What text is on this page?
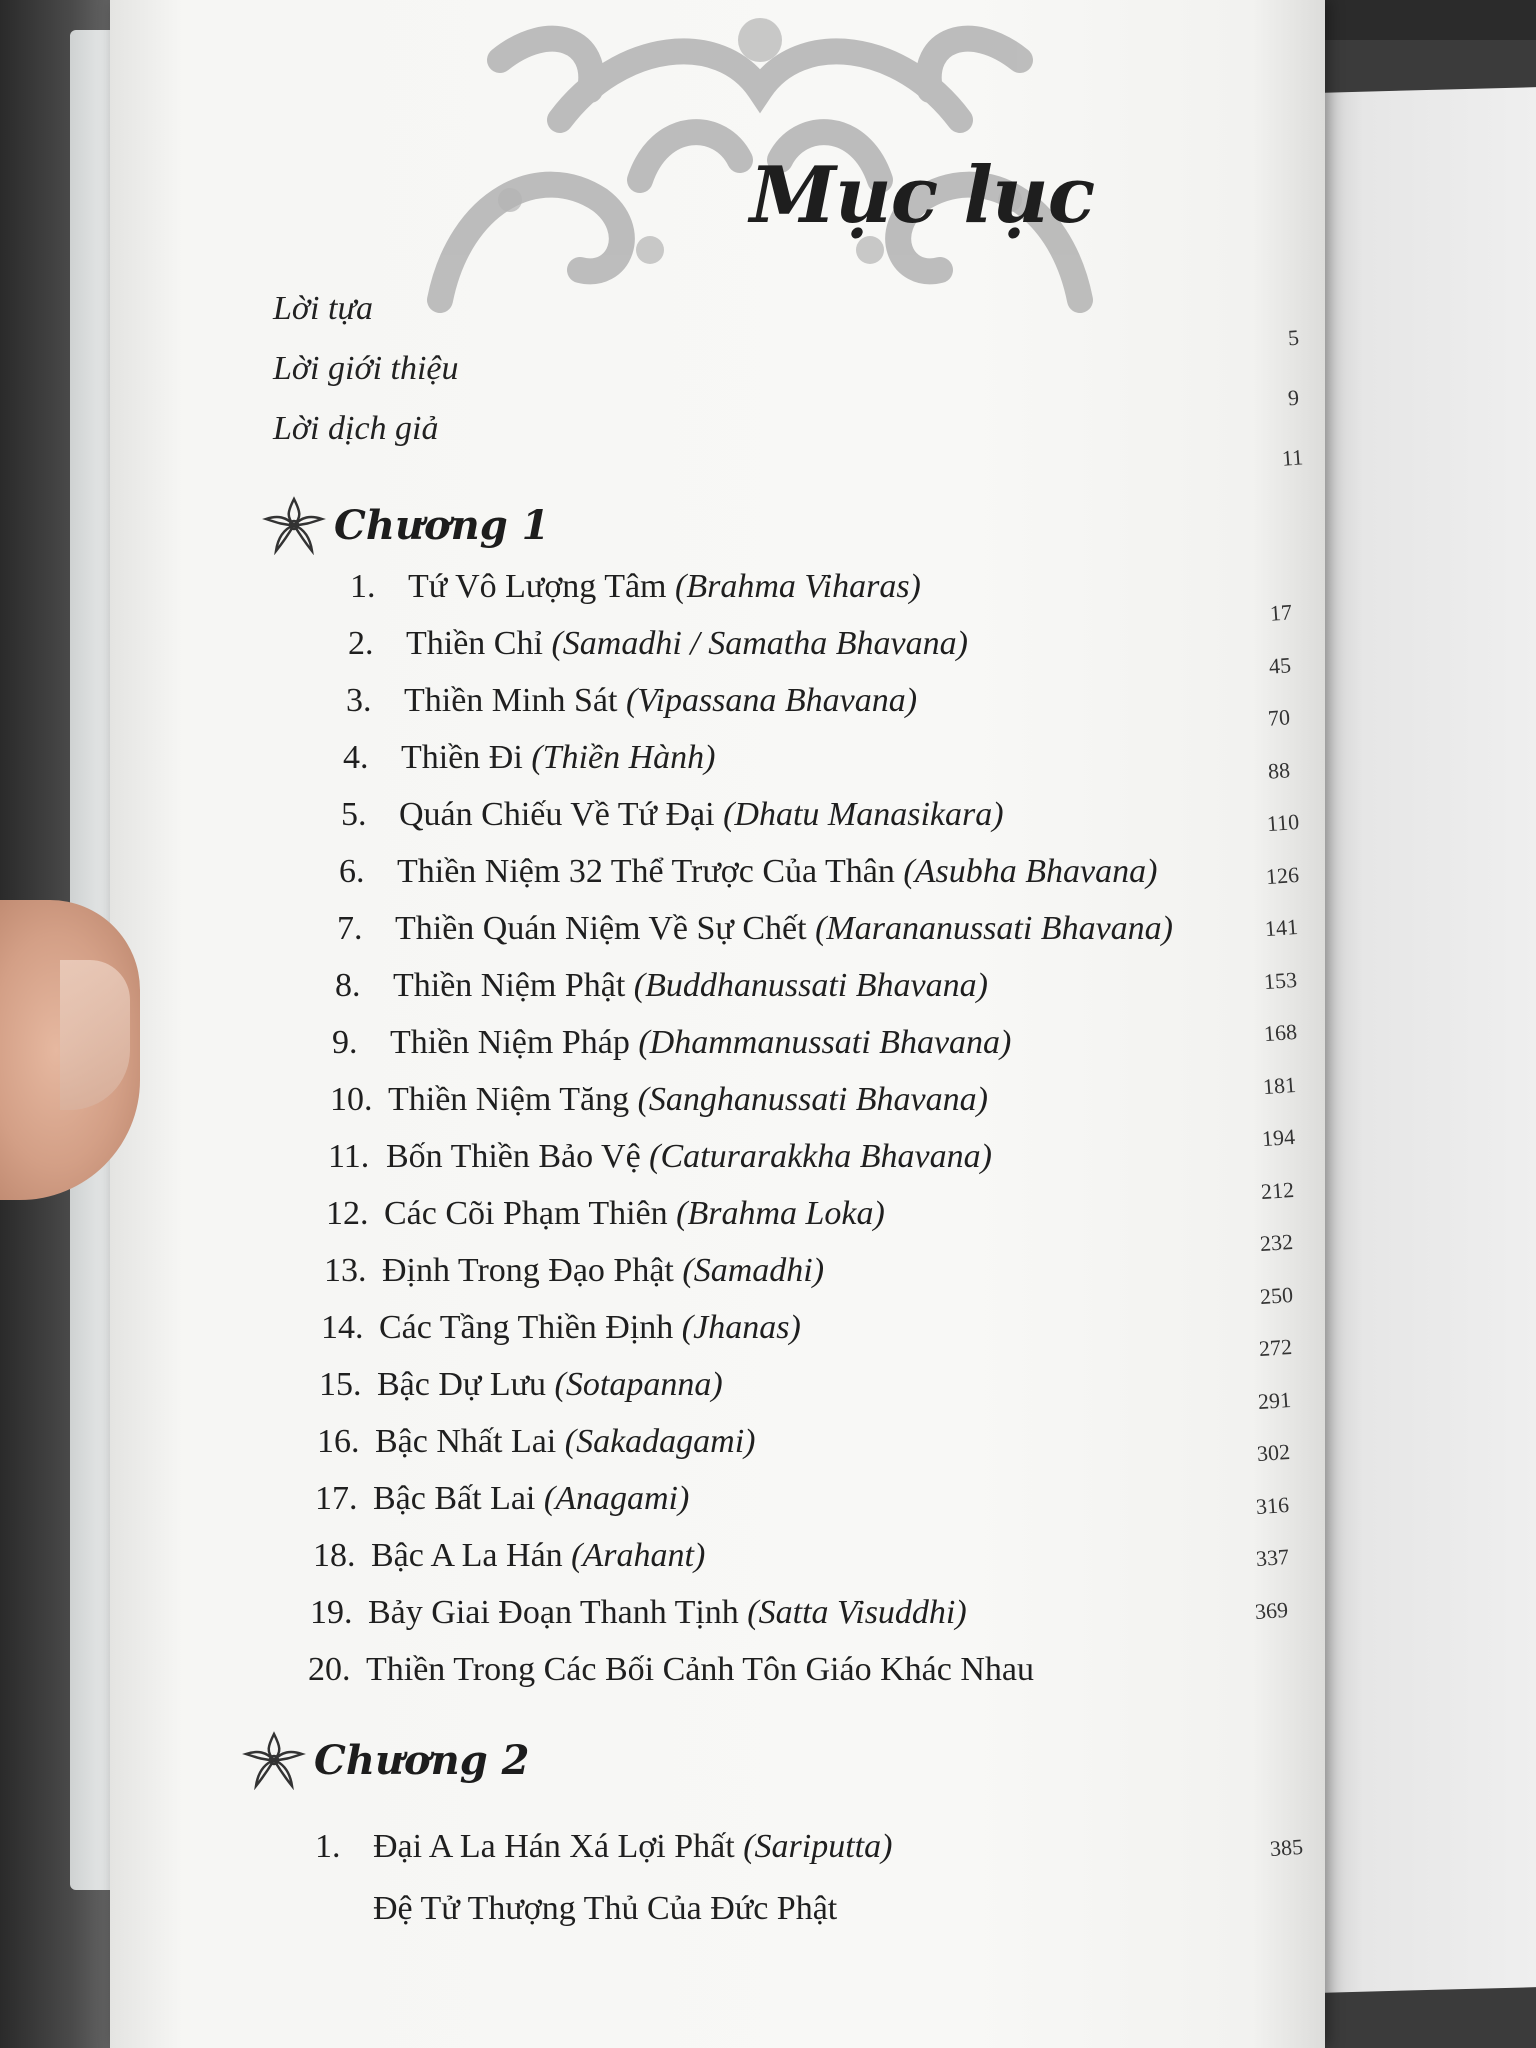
Mục lục
Lời tựa
5
Lời giới thiệu
9
Lời dịch giả
11
Chương 1
1. Tứ Vô Lượng Tâm (Brahma Viharas)
17
2. Thiền Chỉ (Samadhi / Samatha Bhavana)
45
3. Thiền Minh Sát (Vipassana Bhavana)	70
4. Thiền Đi (Thiền Hành)	88
5. Quán Chiếu Về Tứ Đại (Dhatu Manasikara)	110
6. Thiền Niệm 32 Thể Trược Của Thân (Asubha Bhavana)	126
7. Thiền Quán Niệm Về Sự Chết (Marananussati Bhavana)	141
8. Thiền Niệm Phật (Buddhanussati Bhavana)	153
9. Thiền Niệm Pháp (Dhammanussati Bhavana)	168
10. Thiền Niệm Tăng (Sanghanussati Bhavana)	181
11. Bốn Thiền Bảo Vệ (Caturarakkha Bhavana)
194
12. Các Cõi Phạm Thiên (Brahma Loka)
212
13. Định Trong Đạo Phật (Samadhi)
232
14. Các Tầng Thiền Định (Jhanas)
250
15. Bậc Dự Lưu (Sotapanna)
272
16. Bậc Nhất Lai (Sakadagami)
291
17. Bậc Bất Lai (Anagami)
302
18. Bậc A La Hán (Arahant)
316
19. Bảy Giai Đoạn Thanh Tịnh (Satta Visuddhi)
337
20. Thiền Trong Các Bối Cảnh Tôn Giáo Khác Nhau
369
Chương 2
1. Đại A La Hán Xá Lợi Phất (Sariputta)
Đệ Tử Thượng Thủ Của Đức Phật
385
